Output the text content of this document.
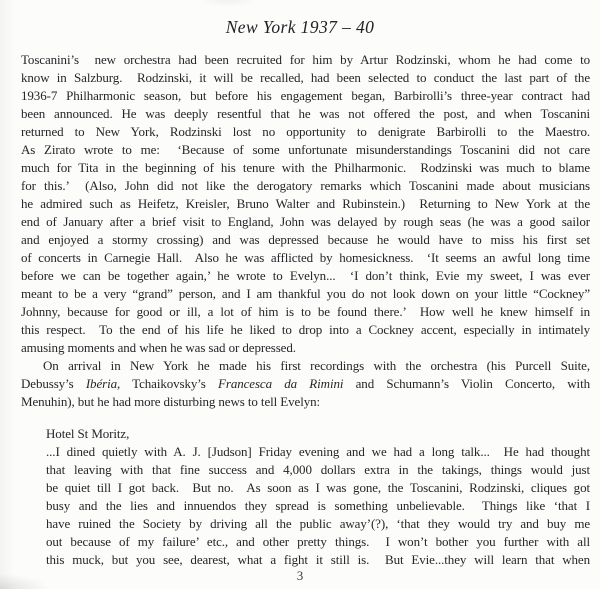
New York 1937 – 40
Toscanini’s  new orchestra had been recruited for him by Artur Rodzinski, whom he had come to
know in Salzburg.  Rodzinski, it will be recalled, had been selected to conduct the last part of the
1936-7 Philharmonic season, but before his engagement began, Barbirolli’s three-year contract had
been announced. He was deeply resentful that he was not offered the post, and when Toscanini
returned to New York, Rodzinski lost no opportunity to denigrate Barbirolli to the Maestro.
As Zirato wrote to me:  ‘Because of some unfortunate misunderstandings Toscanini did not care
much for Tita in the beginning of his tenure with the Philharmonic.  Rodzinski was much to blame
for this.’  (Also, John did not like the derogatory remarks which Toscanini made about musicians
he admired such as Heifetz, Kreisler, Bruno Walter and Rubinstein.)  Returning to New York at the
end of January after a brief visit to England, John was delayed by rough seas (he was a good sailor
and enjoyed a stormy crossing) and was depressed because he would have to miss his first set
of concerts in Carnegie Hall.  Also he was afflicted by homesickness.  ‘It seems an awful long time
before we can be together again,’ he wrote to Evelyn...  ‘I don’t think, Evie my sweet, I was ever
meant to be a very “grand” person, and I am thankful you do not look down on your little “Cockney”
Johnny, because for good or ill, a lot of him is to be found there.’  How well he knew himself in
this respect.  To the end of his life he liked to drop into a Cockney accent, especially in intimately
amusing moments and when he was sad or depressed.
On arrival in New York he made his first recordings with the orchestra (his Purcell Suite,
Debussy’s Ibéria, Tchaikovsky’s Francesca da Rimini and Schumann’s Violin Concerto, with
Menuhin), but he had more disturbing news to tell Evelyn:
Hotel St Moritz,
...I dined quietly with A. J. [Judson] Friday evening and we had a long talk...  He had thought
that leaving with that fine success and 4,000 dollars extra in the takings, things would just
be quiet till I got back.  But no.  As soon as I was gone, the Toscanini, Rodzinski, cliques got
busy and the lies and innuendos they spread is something unbelievable.  Things like ‘that I
have ruined the Society by driving all the public away’(?), ‘that they would try and buy me
out because of my failure’ etc., and other pretty things.  I won’t bother you further with all
this muck, but you see, dearest, what a fight it still is.  But Evie...they will learn that when
3
